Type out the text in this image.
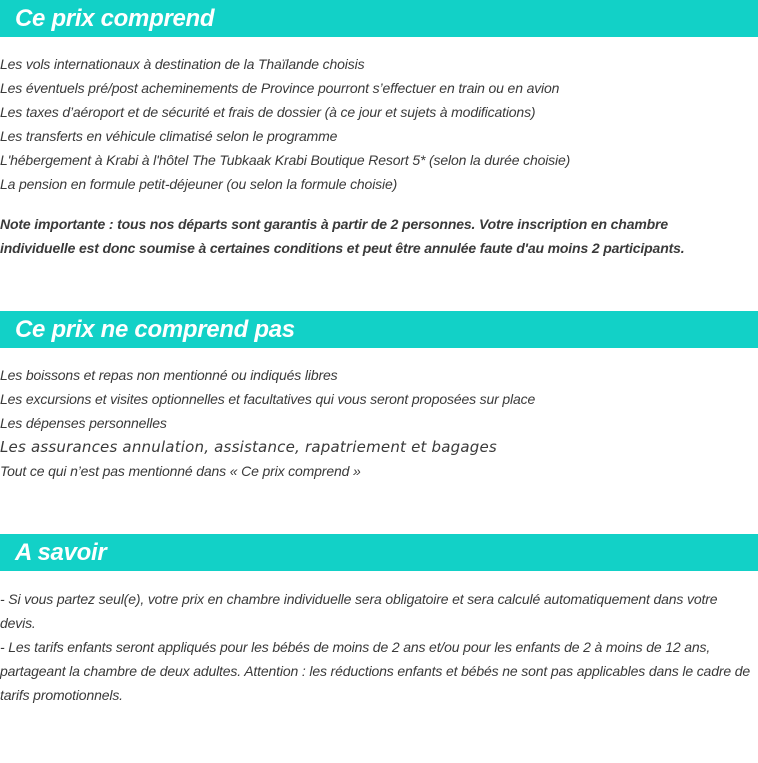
Ce prix comprend
Les vols internationaux à destination de la Thaïlande choisis
Les éventuels pré/post acheminements de Province pourront s’effectuer en train ou en avion
Les taxes d’aéroport et de sécurité et frais de dossier (à ce jour et sujets à modifications)
Les transferts en véhicule climatisé selon le programme
L'hébergement à Krabi à l'hôtel The Tubkaak Krabi Boutique Resort 5* (selon la durée choisie)
La pension en formule petit-déjeuner (ou selon la formule choisie)
Note importante : tous nos départs sont garantis à partir de 2 personnes. Votre inscription en chambre individuelle est donc soumise à certaines conditions et peut être annulée faute d'au moins 2 participants.
Ce prix ne comprend pas
Les boissons et repas non mentionné ou indiqués libres
Les excursions et visites optionnelles et facultatives qui vous seront proposées sur place
Les dépenses personnelles
Les assurances annulation, assistance, rapatriement et bagages
Tout ce qui n’est pas mentionné dans « Ce prix comprend »
A savoir

- Si vous partez seul(e), votre prix en chambre individuelle sera obligatoire et sera calculé automatiquement dans votre devis.

- Les tarifs enfants seront appliqués pour les bébés de moins de 2 ans et/ou pour les enfants de 2 à moins de 12 ans, partageant la chambre de deux adultes. Attention : les réductions enfants et bébés ne sont pas applicables dans le cadre de tarifs promotionnels.
